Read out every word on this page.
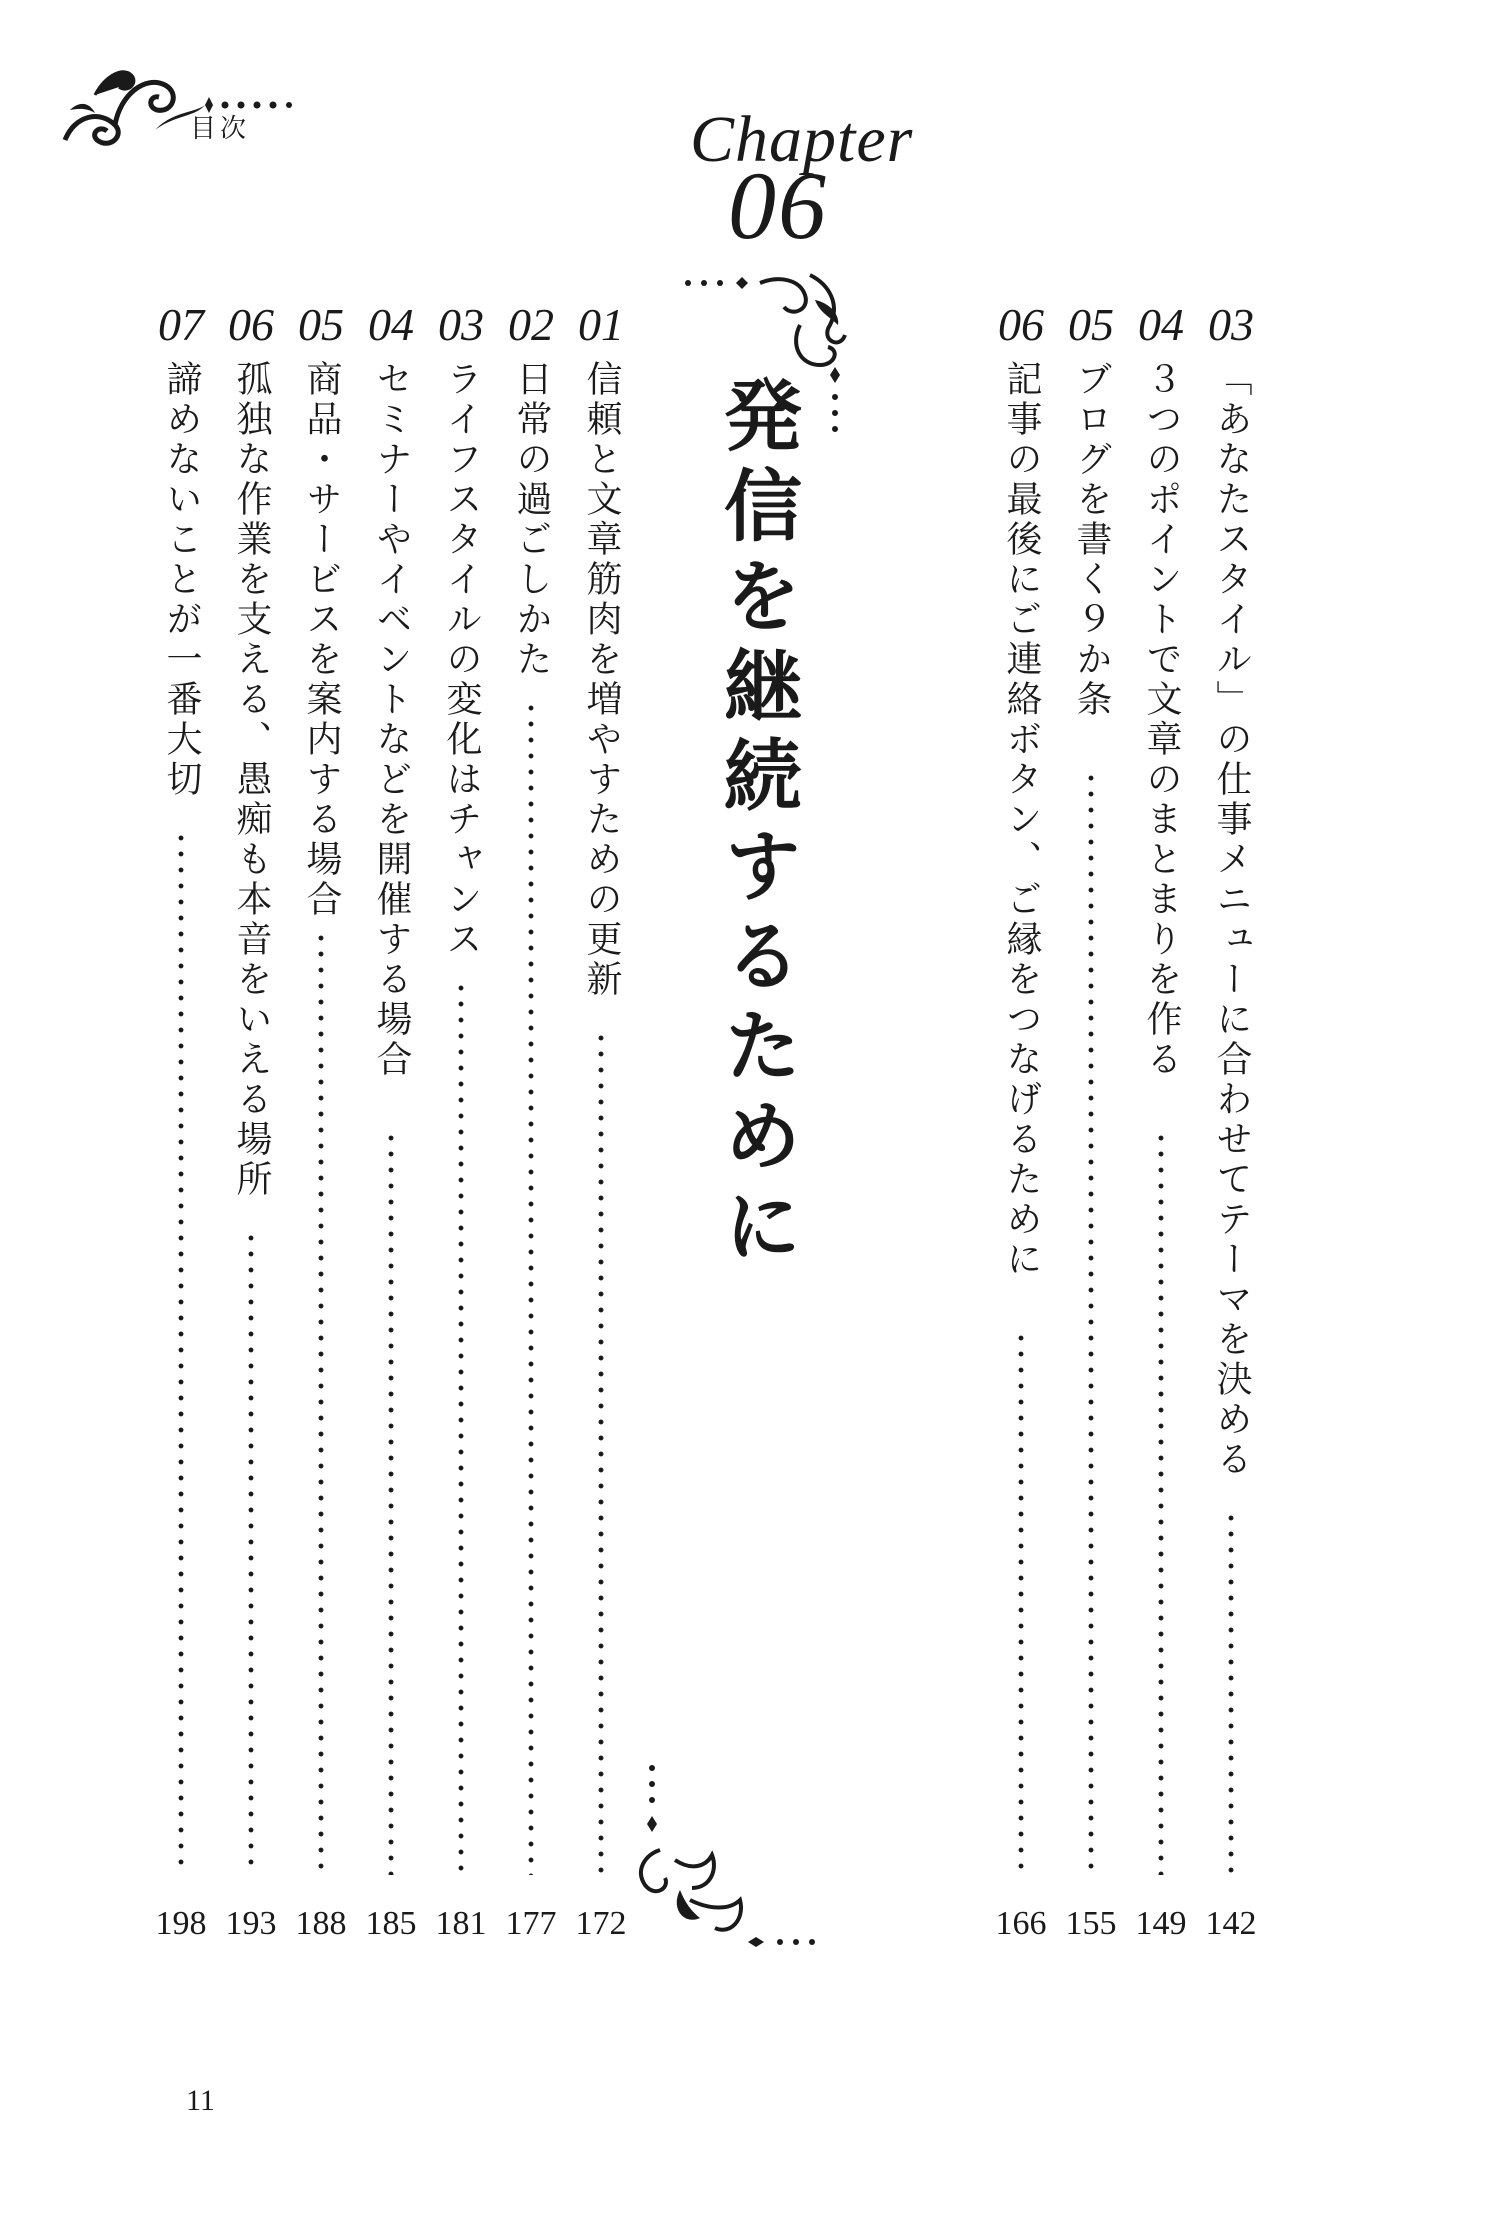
目次	Chapter
06
発信を継続するために
03
「あなたスタイル」の仕事メニューに合わせてテーマを決める
142
04
３つのポイントで文章のまとまりを作る
149
05
ブログを書く９か条
155
06
記事の最後にご連絡ボタン、ご縁をつなげるために
166
01
信頼と文章筋肉を増やすための更新
172
02
日常の過ごしかた
177
03
ライフスタイルの変化はチャンス
181
04
セミナーやイベントなどを開催する場合
185
05
商品・サービスを案内する場合
188
06
孤独な作業を支える、愚痴も本音をいえる場所
193
07
諦めないことが一番大切
198
11
